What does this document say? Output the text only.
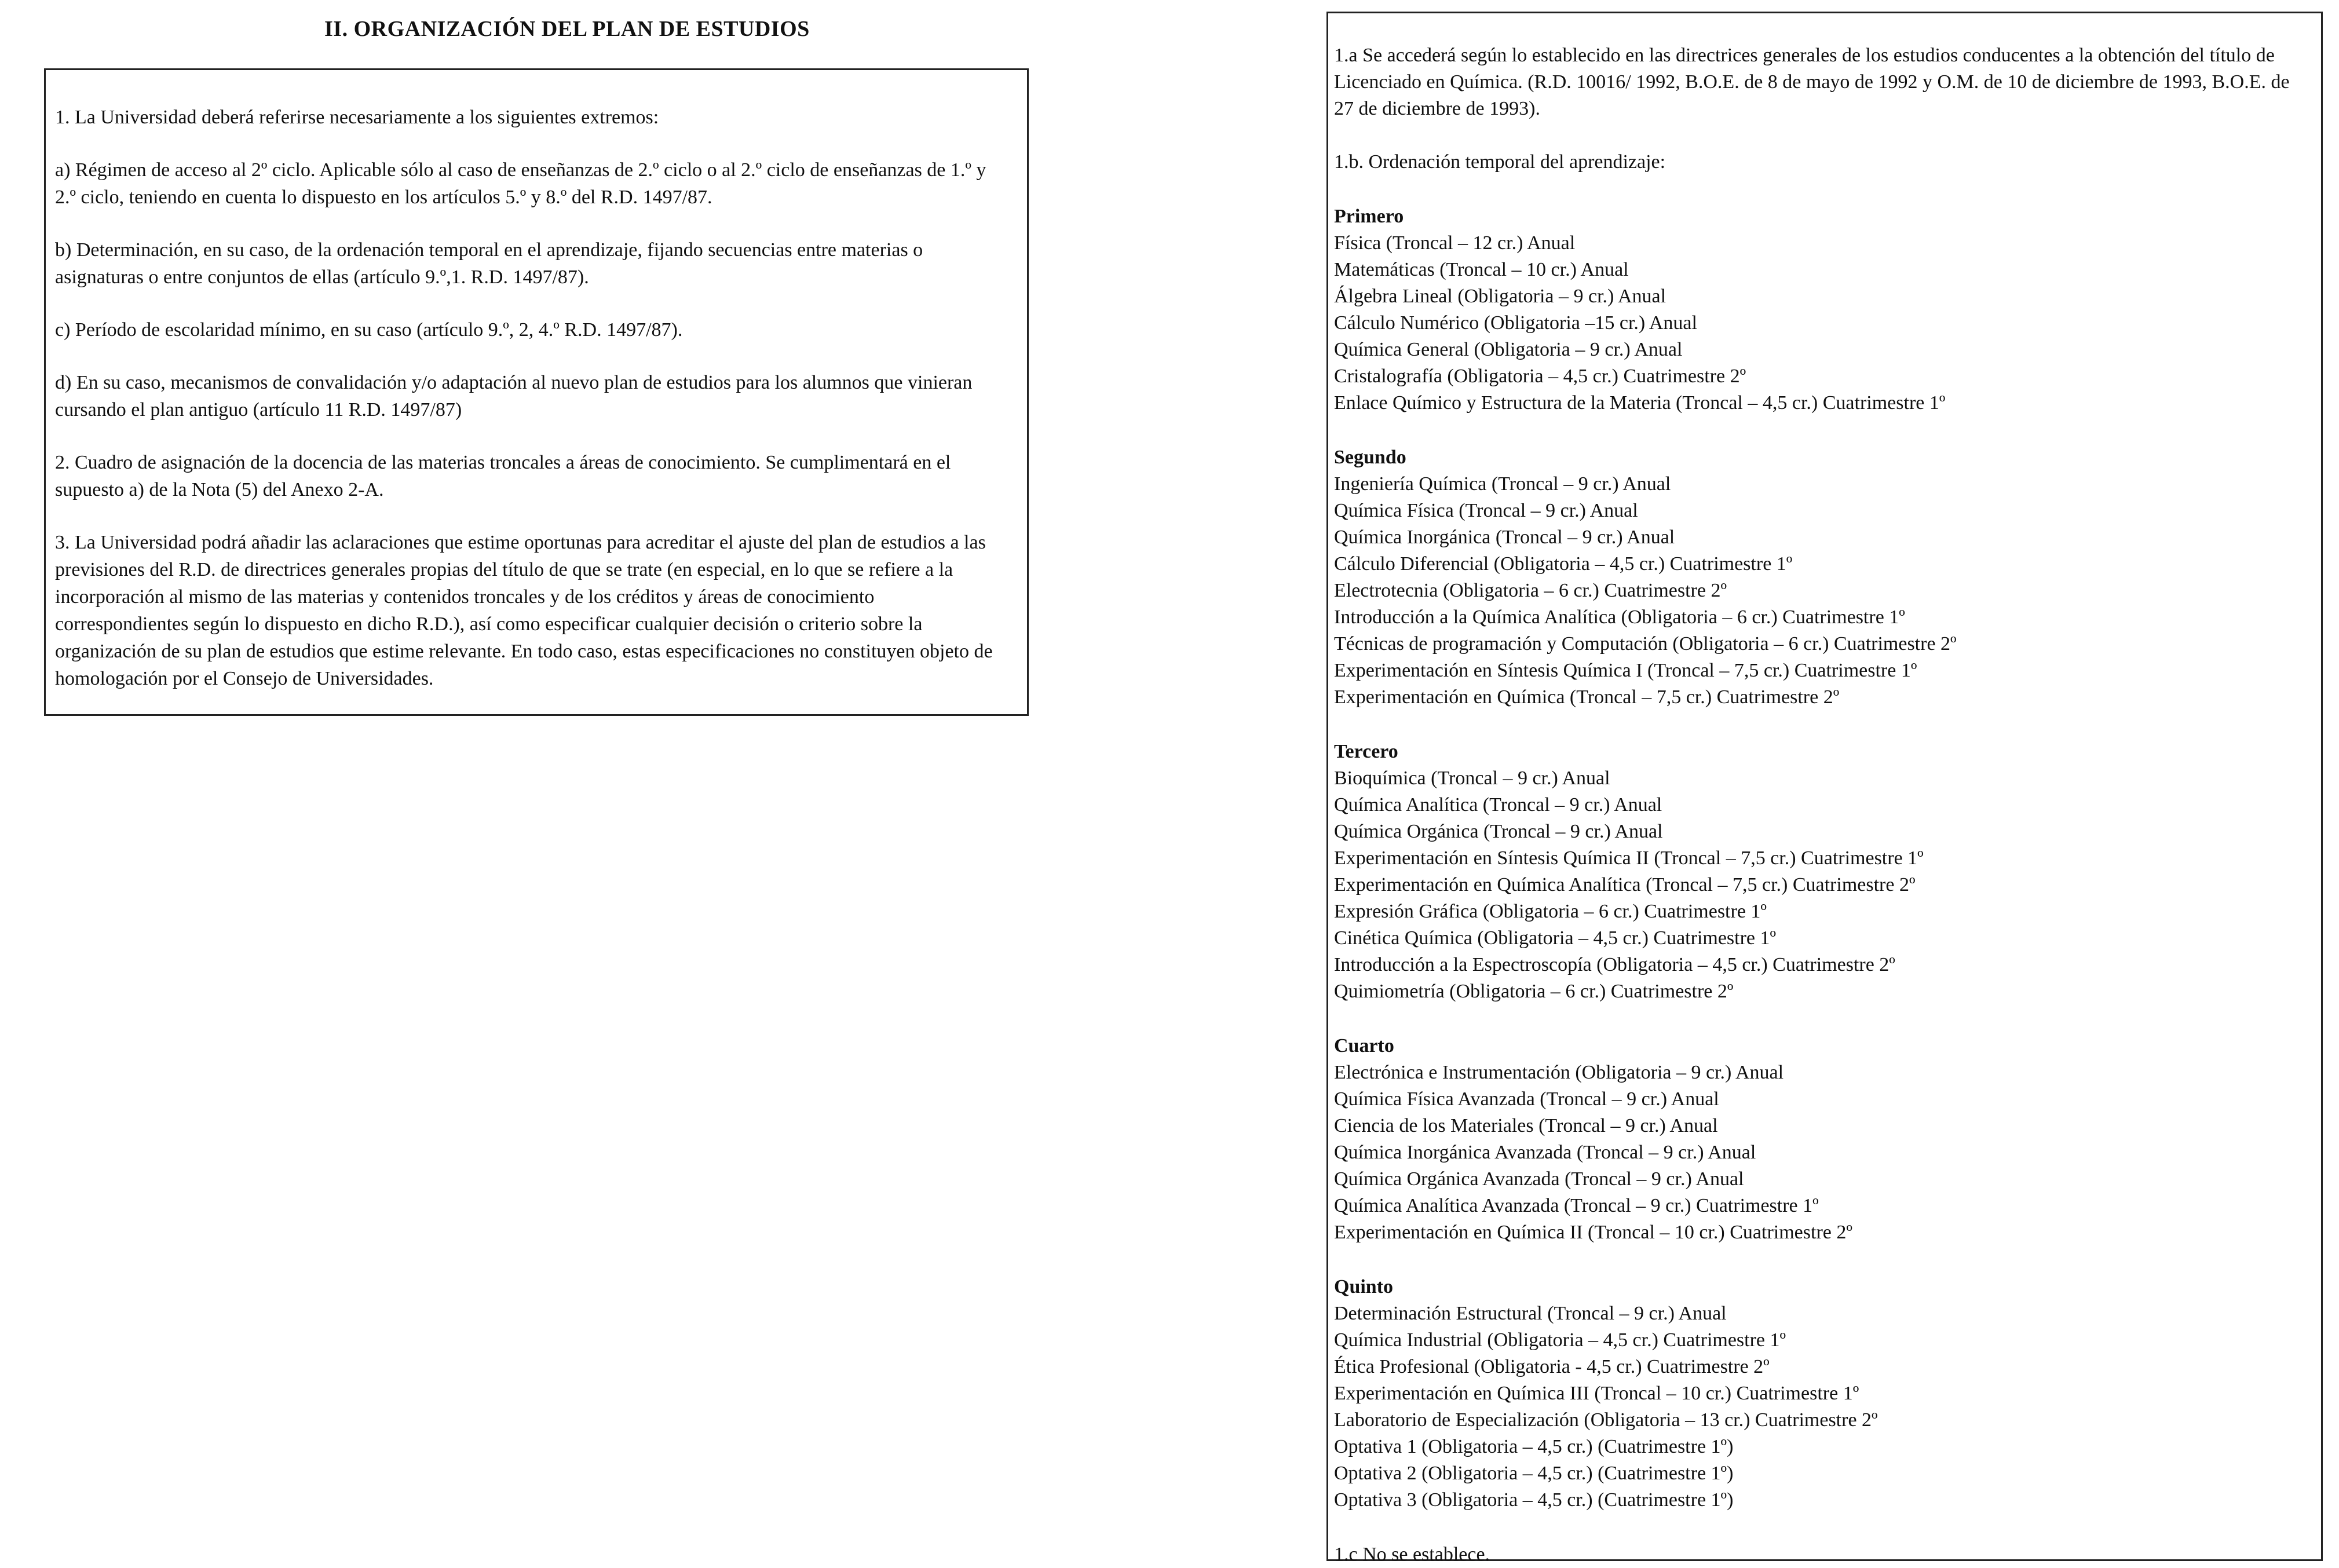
II. ORGANIZACIÓN DEL PLAN DE ESTUDIOS

1. La Universidad deberá referirse necesariamente a los siguientes extremos:

a) Régimen de acceso al 2º ciclo. Aplicable sólo al caso de enseñanzas de 2.º ciclo o al 2.º ciclo de enseñanzas de 1.º y 2.º ciclo, teniendo en cuenta lo dispuesto en los artículos 5.º y 8.º del R.D. 1497/87.

b) Determinación, en su caso, de la ordenación temporal en el aprendizaje, fijando secuencias entre materias o asignaturas o entre conjuntos de ellas (artículo 9.º,1. R.D. 1497/87).

c) Período de escolaridad mínimo, en su caso (artículo 9.º, 2, 4.º R.D. 1497/87).

d) En su caso, mecanismos de convalidación y/o adaptación al nuevo plan de estudios para los alumnos que vinieran cursando el plan antiguo (artículo 11 R.D. 1497/87)

2. Cuadro de asignación de la docencia de las materias troncales a áreas de conocimiento. Se cumplimentará en el supuesto a) de la Nota (5) del Anexo 2-A.

3. La Universidad podrá añadir las aclaraciones que estime oportunas para acreditar el ajuste del plan de estudios a las previsiones del R.D. de directrices generales propias del título de que se trate (en especial, en lo que se refiere a la incorporación al mismo de las materias y contenidos troncales y de los créditos y áreas de conocimiento correspondientes según lo dispuesto en dicho R.D.), así como especificar cualquier decisión o criterio sobre la organización de su plan de estudios que estime relevante. En todo caso, estas especificaciones no constituyen objeto de homologación por el Consejo de Universidades.

1.a Se accederá según lo establecido en las directrices generales de los estudios conducentes a la obtención del título de Licenciado en Química. (R.D. 10016/ 1992, B.O.E. de 8 de mayo de 1992 y O.M. de 10 de diciembre de 1993, B.O.E. de 27 de diciembre de 1993).

1.b. Ordenación temporal del aprendizaje:

Primero

Física (Troncal – 12 cr.) Anual
Matemáticas (Troncal – 10 cr.) Anual
Álgebra Lineal (Obligatoria – 9 cr.) Anual
Cálculo Numérico (Obligatoria –15 cr.) Anual
Química General (Obligatoria – 9 cr.) Anual
Cristalografía (Obligatoria – 4,5 cr.) Cuatrimestre 2º
Enlace Químico y Estructura de la Materia (Troncal – 4,5 cr.) Cuatrimestre 1º

Segundo

Ingeniería Química (Troncal – 9 cr.) Anual
Química Física (Troncal – 9 cr.) Anual
Química Inorgánica (Troncal – 9 cr.) Anual
Cálculo Diferencial (Obligatoria – 4,5 cr.) Cuatrimestre 1º
Electrotecnia (Obligatoria – 6 cr.) Cuatrimestre 2º
Introducción a la Química Analítica (Obligatoria – 6 cr.) Cuatrimestre 1º
Técnicas de programación y Computación (Obligatoria – 6 cr.) Cuatrimestre 2º
Experimentación en Síntesis Química I (Troncal – 7,5 cr.) Cuatrimestre 1º
Experimentación en Química (Troncal – 7,5 cr.) Cuatrimestre 2º

Tercero

Bioquímica (Troncal – 9 cr.) Anual
Química Analítica (Troncal – 9 cr.) Anual
Química Orgánica (Troncal – 9 cr.) Anual
Experimentación en Síntesis Química II (Troncal – 7,5 cr.) Cuatrimestre 1º
Experimentación en Química Analítica (Troncal – 7,5 cr.) Cuatrimestre 2º
Expresión Gráfica (Obligatoria – 6 cr.) Cuatrimestre 1º
Cinética Química (Obligatoria – 4,5 cr.) Cuatrimestre 1º
Introducción a la Espectroscopía (Obligatoria – 4,5 cr.) Cuatrimestre 2º
Quimiometría (Obligatoria – 6 cr.) Cuatrimestre 2º

Cuarto

Electrónica e Instrumentación (Obligatoria – 9 cr.) Anual
Química Física Avanzada (Troncal – 9 cr.) Anual
Ciencia de los Materiales (Troncal – 9 cr.) Anual
Química Inorgánica Avanzada (Troncal – 9 cr.) Anual
Química Orgánica Avanzada (Troncal – 9 cr.) Anual
Química Analítica Avanzada (Troncal – 9 cr.) Cuatrimestre 1º
Experimentación en Química II (Troncal – 10 cr.) Cuatrimestre 2º

Quinto

Determinación Estructural (Troncal – 9 cr.) Anual
Química Industrial (Obligatoria – 4,5 cr.) Cuatrimestre 1º
Ética Profesional (Obligatoria - 4,5 cr.) Cuatrimestre 2º
Experimentación en Química III (Troncal – 10 cr.) Cuatrimestre 1º
Laboratorio de Especialización (Obligatoria – 13 cr.) Cuatrimestre 2º
Optativa 1 (Obligatoria – 4,5 cr.) (Cuatrimestre 1º)
Optativa 2 (Obligatoria – 4,5 cr.) (Cuatrimestre 1º)
Optativa 3 (Obligatoria – 4,5 cr.) (Cuatrimestre 1º)

1.c No se establece.
